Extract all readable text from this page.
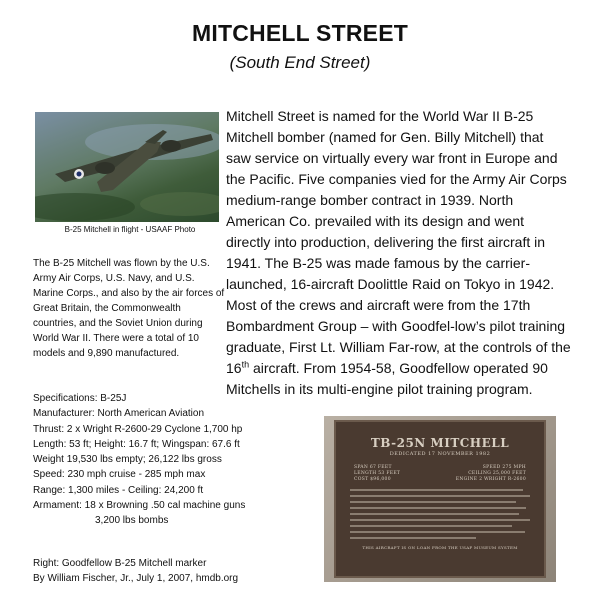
MITCHELL STREET
(South End Street)
B-25 Mitchell in flight - USAAF Photo
The B-25 Mitchell was flown by the U.S. Army Air Corps, U.S. Navy, and U.S. Marine Corps., and also by the air forces of Great Britain, the Commonwealth countries, and the Soviet Union during World War II. There were a total of 10 models and 9,890 manufactured.
Mitchell Street is named for the World War II B-25 Mitchell bomber (named for Gen. Billy Mitchell) that saw service on virtually every war front in Europe and the Pacific. Five companies vied for the Army Air Corps medium-range bomber contract in 1939. North American Co. prevailed with its design and went directly into production, delivering the first aircraft in 1941. The B-25 was made famous by the carrier-launched, 16-aircraft Doolittle Raid on Tokyo in 1942. Most of the crews and aircraft were from the 17th Bombardment Group – with Goodfel-low’s pilot training graduate, First Lt. William Far-row, at the controls of the 16th aircraft. From 1954-58, Goodfellow operated 90 Mitchells in its multi-engine pilot training program.
Specifications: B-25J
Manufacturer: North American Aviation
Thrust: 2 x Wright R-2600-29 Cyclone 1,700 hp
Length: 53 ft; Height: 16.7 ft; Wingspan: 67.6 ft
Weight 19,530 lbs empty; 26,122 lbs gross
Speed: 230 mph cruise - 285 mph max
Range: 1,300 miles - Ceiling: 24,200 ft
Armament: 18 x Browning .50 cal machine guns
3,200 lbs bombs
Right: Goodfellow B-25 Mitchell marker
By William Fischer, Jr., July 1, 2007, hmdb.org
TB-25N MITCHELL
DEDICATED 17 NOVEMBER 1982
SPAN 67 FEET	SPEED 275 MPH
LENGTH 53 FEET	CEILING 25,000 FEET
COST $96,000	ENGINE 2 WRIGHT R-2600
THIS AIRCRAFT IS ON LOAN FROM THE USAF MUSEUM SYSTEM
